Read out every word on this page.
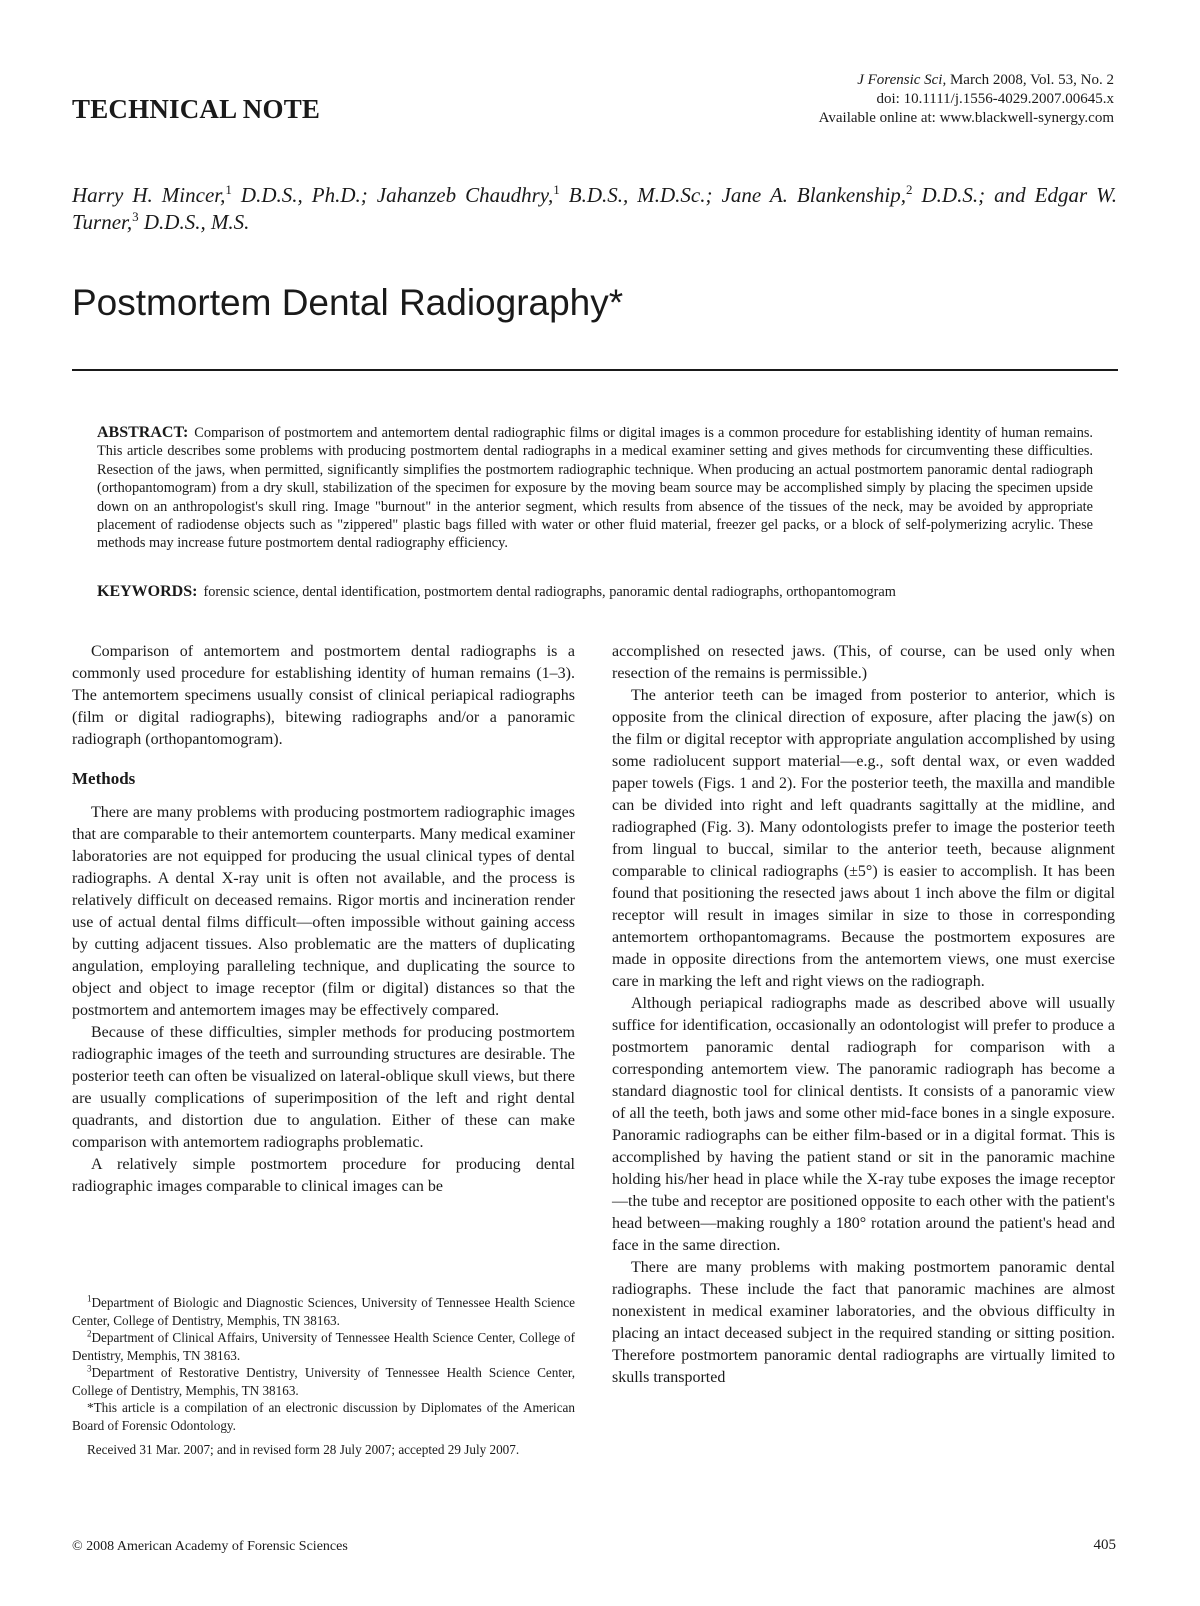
TECHNICAL NOTE
J Forensic Sci, March 2008, Vol. 53, No. 2
doi: 10.1111/j.1556-4029.2007.00645.x
Available online at: www.blackwell-synergy.com
Harry H. Mincer,$^1$ D.D.S., Ph.D.; Jahanzeb Chaudhry,$^1$ B.D.S., M.D.Sc.; Jane A. Blankenship,$^2$ D.D.S.; and Edgar W. Turner,$^3$ D.D.S., M.S.
Postmortem Dental Radiography*
ABSTRACT: Comparison of postmortem and antemortem dental radiographic films or digital images is a common procedure for establishing identity of human remains. This article describes some problems with producing postmortem dental radiographs in a medical examiner setting and gives methods for circumventing these difficulties. Resection of the jaws, when permitted, significantly simplifies the postmortem radiographic technique. When producing an actual postmortem panoramic dental radiograph (orthopantomogram) from a dry skull, stabilization of the specimen for exposure by the moving beam source may be accomplished simply by placing the specimen upside down on an anthropologist's skull ring. Image "burnout" in the anterior segment, which results from absence of the tissues of the neck, may be avoided by appropriate placement of radiodense objects such as "zippered" plastic bags filled with water or other fluid material, freezer gel packs, or a block of self-polymerizing acrylic. These methods may increase future postmortem dental radiography efficiency.
KEYWORDS: forensic science, dental identification, postmortem dental radiographs, panoramic dental radiographs, orthopantomogram

Comparison of antemortem and postmortem dental radiographs is a commonly used procedure for establishing identity of human remains (1–3). The antemortem specimens usually consist of clinical periapical radiographs (film or digital radiographs), bitewing radiographs and/or a panoramic radiograph (orthopantomogram).

Methods

There are many problems with producing postmortem radiographic images that are comparable to their antemortem counterparts. Many medical examiner laboratories are not equipped for producing the usual clinical types of dental radiographs. A dental X-ray unit is often not available, and the process is relatively difficult on deceased remains. Rigor mortis and incineration render use of actual dental films difficult—often impossible without gaining access by cutting adjacent tissues. Also problematic are the matters of duplicating angulation, employing paralleling technique, and duplicating the source to object and object to image receptor (film or digital) distances so that the postmortem and antemortem images may be effectively compared.

Because of these difficulties, simpler methods for producing postmortem radiographic images of the teeth and surrounding structures are desirable. The posterior teeth can often be visualized on lateral-oblique skull views, but there are usually complications of superimposition of the left and right dental quadrants, and distortion due to angulation. Either of these can make comparison with antemortem radiographs problematic.

A relatively simple postmortem procedure for producing dental radiographic images comparable to clinical images can be

$^1$Department of Biologic and Diagnostic Sciences, University of Tennessee Health Science Center, College of Dentistry, Memphis, TN 38163.

$^2$Department of Clinical Affairs, University of Tennessee Health Science Center, College of Dentistry, Memphis, TN 38163.

$^3$Department of Restorative Dentistry, University of Tennessee Health Science Center, College of Dentistry, Memphis, TN 38163.

*This article is a compilation of an electronic discussion by Diplomates of the American Board of Forensic Odontology.

Received 31 Mar. 2007; and in revised form 28 July 2007; accepted 29 July 2007.

accomplished on resected jaws. (This, of course, can be used only when resection of the remains is permissible.)

The anterior teeth can be imaged from posterior to anterior, which is opposite from the clinical direction of exposure, after placing the jaw(s) on the film or digital receptor with appropriate angulation accomplished by using some radiolucent support material—e.g., soft dental wax, or even wadded paper towels (Figs. 1 and 2). For the posterior teeth, the maxilla and mandible can be divided into right and left quadrants sagittally at the midline, and radiographed (Fig. 3). Many odontologists prefer to image the posterior teeth from lingual to buccal, similar to the anterior teeth, because alignment comparable to clinical radiographs (±5°) is easier to accomplish. It has been found that positioning the resected jaws about 1 inch above the film or digital receptor will result in images similar in size to those in corresponding antemortem orthopantomagrams. Because the postmortem exposures are made in opposite directions from the antemortem views, one must exercise care in marking the left and right views on the radiograph.

Although periapical radiographs made as described above will usually suffice for identification, occasionally an odontologist will prefer to produce a postmortem panoramic dental radiograph for comparison with a corresponding antemortem view. The panoramic radiograph has become a standard diagnostic tool for clinical dentists. It consists of a panoramic view of all the teeth, both jaws and some other mid-face bones in a single exposure. Panoramic radiographs can be either film-based or in a digital format. This is accomplished by having the patient stand or sit in the panoramic machine holding his/her head in place while the X-ray tube exposes the image receptor—the tube and receptor are positioned opposite to each other with the patient's head between—making roughly a 180° rotation around the patient's head and face in the same direction.

There are many problems with making postmortem panoramic dental radiographs. These include the fact that panoramic machines are almost nonexistent in medical examiner laboratories, and the obvious difficulty in placing an intact deceased subject in the required standing or sitting position. Therefore postmortem panoramic dental radiographs are virtually limited to skulls transported

© 2008 American Academy of Forensic Sciences	405
